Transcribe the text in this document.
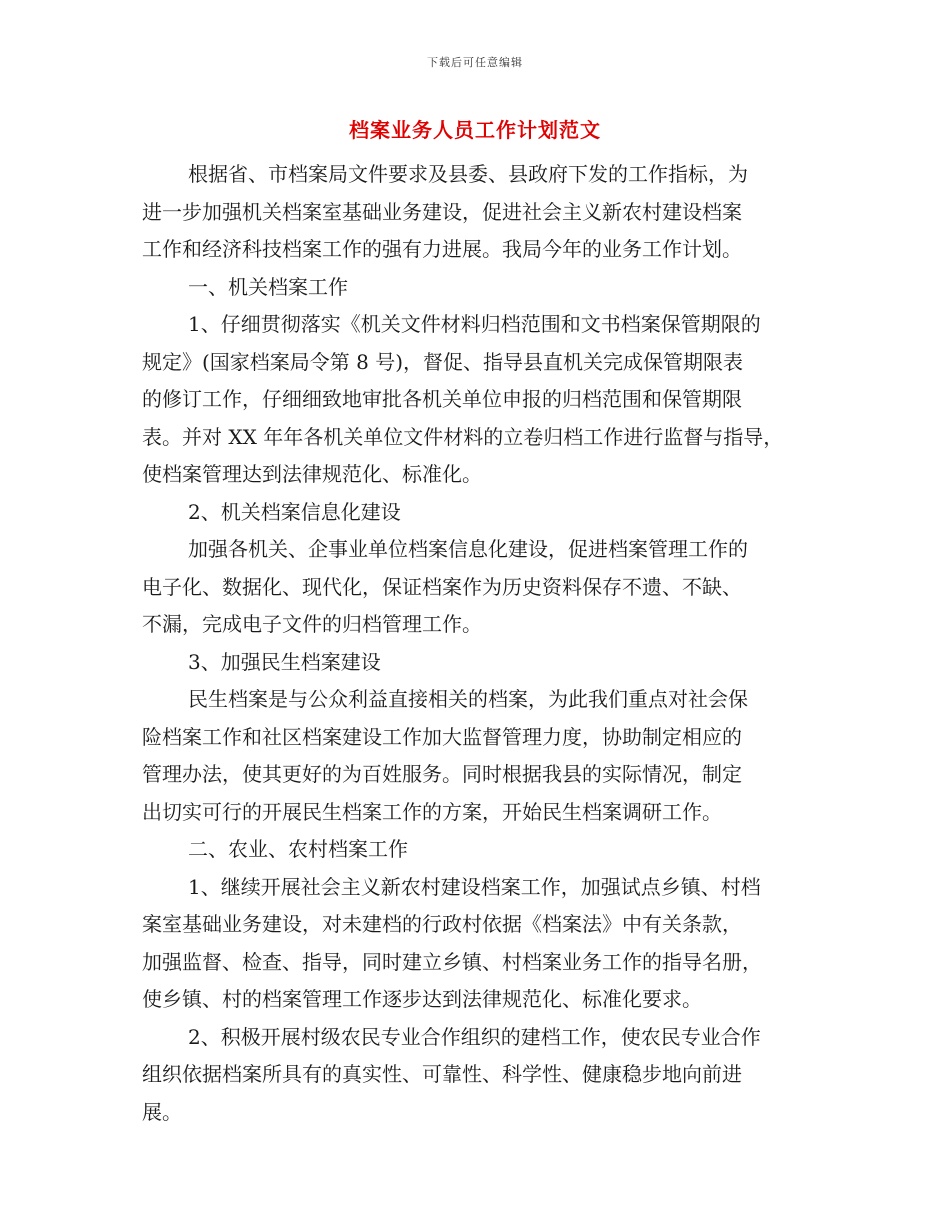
下载后可任意编辑
档案业务人员工作计划范文
根据省、市档案局文件要求及县委、县政府下发的工作指标，为
进一步加强机关档案室基础业务建设，促进社会主义新农村建设档案
工作和经济科技档案工作的强有力进展。我局今年的业务工作计划。
一、机关档案工作
1、仔细贯彻落实《机关文件材料归档范围和文书档案保管期限的
规定》(国家档案局令第 8 号)，督促、指导县直机关完成保管期限表
的修订工作，仔细细致地审批各机关单位申报的归档范围和保管期限
表。并对 XX 年年各机关单位文件材料的立卷归档工作进行监督与指导，
使档案管理达到法律规范化、标准化。
2、机关档案信息化建设
加强各机关、企事业单位档案信息化建设，促进档案管理工作的
电子化、数据化、现代化，保证档案作为历史资料保存不遗、不缺、
不漏，完成电子文件的归档管理工作。
3、加强民生档案建设
民生档案是与公众利益直接相关的档案，为此我们重点对社会保
险档案工作和社区档案建设工作加大监督管理力度，协助制定相应的
管理办法，使其更好的为百姓服务。同时根据我县的实际情况，制定
出切实可行的开展民生档案工作的方案，开始民生档案调研工作。
二、农业、农村档案工作
1、继续开展社会主义新农村建设档案工作，加强试点乡镇、村档
案室基础业务建设，对未建档的行政村依据《档案法》中有关条款，
加强监督、检查、指导，同时建立乡镇、村档案业务工作的指导名册，
使乡镇、村的档案管理工作逐步达到法律规范化、标准化要求。
2、积极开展村级农民专业合作组织的建档工作，使农民专业合作
组织依据档案所具有的真实性、可靠性、科学性、健康稳步地向前进
展。
